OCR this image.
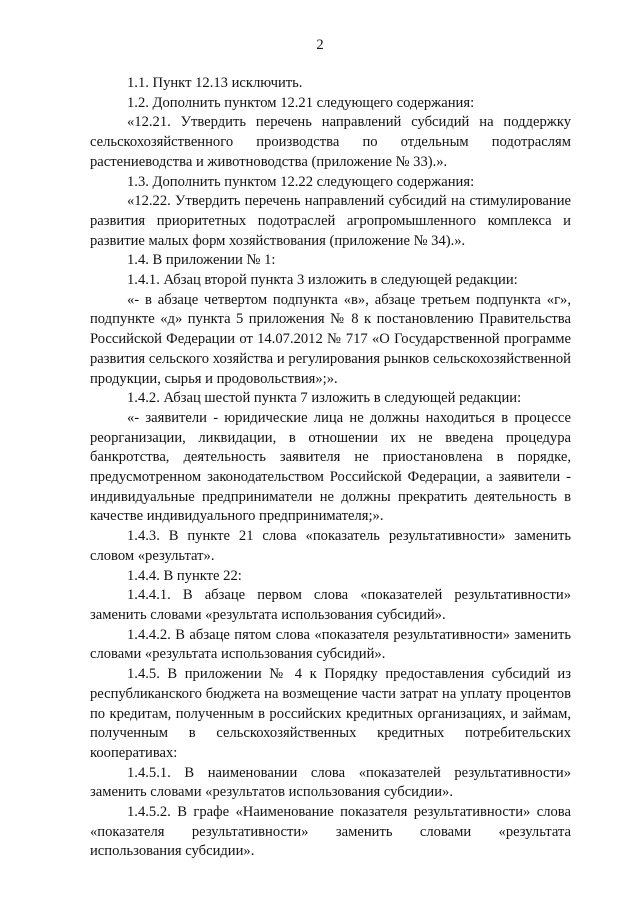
2

1.1. Пункт 12.13 исключить.

1.2. Дополнить пунктом 12.21 следующего содержания:

«12.21. Утвердить перечень направлений субсидий на поддержку сельскохозяйственного производства по отдельным подотраслям растениеводства и животноводства (приложение № 33).».

1.3. Дополнить пунктом 12.22 следующего содержания:

«12.22. Утвердить перечень направлений субсидий на стимулирование развития приоритетных подотраслей агропромышленного комплекса и развитие малых форм хозяйствования (приложение № 34).».

1.4. В приложении № 1:

1.4.1. Абзац второй пункта 3 изложить в следующей редакции:

«- в абзаце четвертом подпункта «в», абзаце третьем подпункта «г», подпункте «д» пункта 5 приложения № 8 к постановлению Правительства Российской Федерации от 14.07.2012 № 717 «О Государственной программе развития сельского хозяйства и регулирования рынков сельскохозяйственной продукции, сырья и продовольствия»;».

1.4.2. Абзац шестой пункта 7 изложить в следующей редакции:

«- заявители - юридические лица не должны находиться в процессе реорганизации, ликвидации, в отношении их не введена процедура банкротства, деятельность заявителя не приостановлена в порядке, предусмотренном законодательством Российской Федерации, а заявители - индивидуальные предприниматели не должны прекратить деятельность в качестве индивидуального предпринимателя;».

1.4.3. В пункте 21 слова «показатель результативности» заменить словом «результат».

1.4.4. В пункте 22:

1.4.4.1. В абзаце первом слова «показателей результативности» заменить словами «результата использования субсидий».

1.4.4.2. В абзаце пятом слова «показателя результативности» заменить словами «результата использования субсидий».

1.4.5. В приложении № 4 к Порядку предоставления субсидий из республиканского бюджета на возмещение части затрат на уплату процентов по кредитам, полученным в российских кредитных организациях, и займам, полученным в сельскохозяйственных кредитных потребительских кооперативах:

1.4.5.1. В наименовании слова «показателей результативности» заменить словами «результатов использования субсидии».

1.4.5.2. В графе «Наименование показателя результативности» слова «показателя результативности» заменить словами «результата использования субсидии».
